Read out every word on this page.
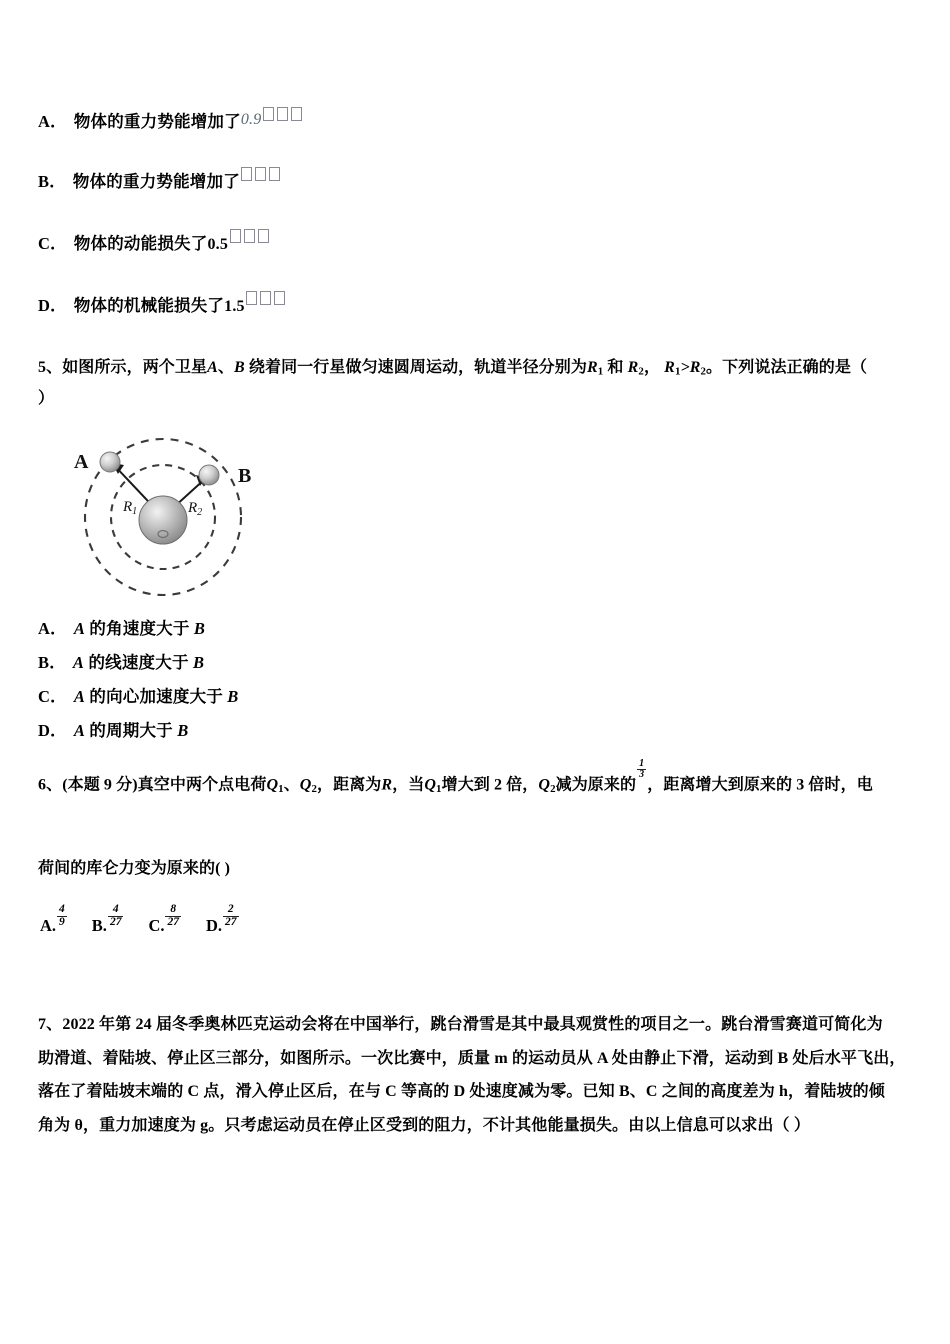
A． 物体的重力势能增加了0.9
B． 物体的重力势能增加了
C． 物体的动能损失了0.5
D． 物体的机械能损失了1.5
5、如图所示，两个卫星A、B 绕着同一行星做匀速圆周运动，轨道半径分别为$R_1$ 和 $R_2$， $R_1>R_2$。下列说法正确的是（
）
A
B
$R_1$	$R_2$
A． A 的角速度大于 B
B． A 的线速度大于 B
C． A 的向心加速度大于 B
D． A 的周期大于 B
6、(本题 9 分)真空中两个点电荷$Q_1$、$Q_2$，距离为R，当$Q_1$增大到 2 倍，$Q_2$减为原来的
$\frac{1}{3}$
，距离增大到原来的 3 倍时，电
荷间的库仑力变为原来的( )
A. $\frac{4}{9} B$. $\frac{4}{27} C$. $\frac{8}{27} D$. $\frac{2}{27}$
7、2022 年第 24 届冬季奥林匹克运动会将在中国举行，跳台滑雪是其中最具观赏性的项目之一。跳台滑雪赛道可简化为
助滑道、着陆坡、停止区三部分，如图所示。一次比赛中，质量 m 的运动员从 A 处由静止下滑，运动到 B 处后水平飞出，
落在了着陆坡末端的 C 点，滑入停止区后，在与 C 等高的 D 处速度减为零。已知 B、C 之间的高度差为 h，着陆坡的倾
角为 θ，重力加速度为 g。只考虑运动员在停止区受到的阻力，不计其他能量损失。由以上信息可以求出（ ）
